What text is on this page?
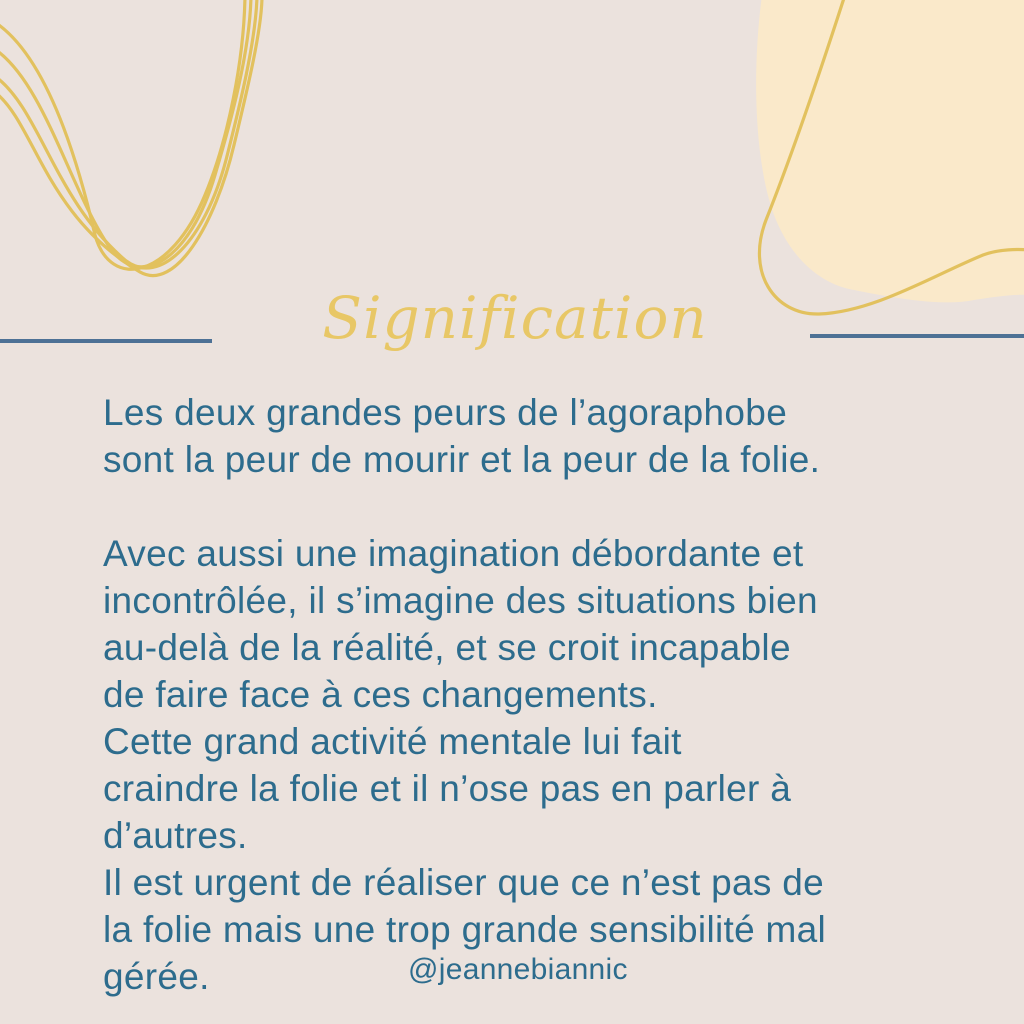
Signification

Les deux grandes peurs de l’agoraphobe
sont la peur de mourir et la peur de la folie.

Avec aussi une imagination débordante et
incontrôlée, il s’imagine des situations bien
au-delà de la réalité, et se croit incapable
de faire face à ces changements.

Cette grand activité mentale lui fait
craindre la folie et il n’ose pas en parler à
d’autres.

Il est urgent de réaliser que ce n’est pas de
la folie mais une trop grande sensibilité mal
gérée.	@jeannebiannic
